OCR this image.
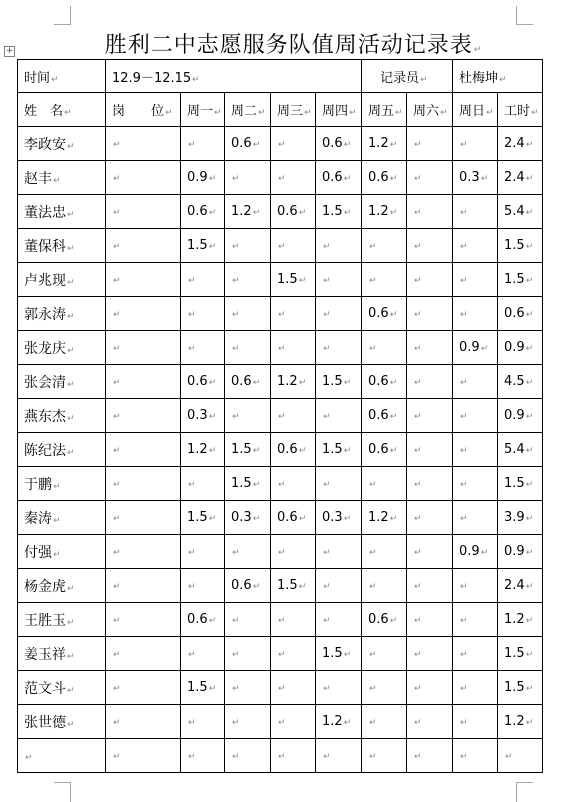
+	胜利二中志愿服务队值周活动记录表↵
时间↵	12.9－12.15↵					记录员↵		杜梅坤↵	
姓　名↵	岗　　位↵	周一↵	周二↵	周三↵	周四↵	周五↵	周六↵	周日↵	工时↵
李政安↵	↵	↵	0.6↵	↵	0.6↵	1.2↵	↵	↵	2.4↵
赵丰↵	↵	0.9↵	↵	↵	0.6↵	0.6↵	↵	0.3↵	2.4↵
董法忠↵	↵	0.6↵	1.2↵	0.6↵	1.5↵	1.2↵	↵	↵	5.4↵
董保科↵	↵	1.5↵	↵	↵	↵	↵	↵	↵	1.5↵
卢兆现↵	↵	↵	↵	1.5↵	↵	↵	↵	↵	1.5↵
郭永涛↵	↵	↵	↵	↵	↵	0.6↵	↵	↵	0.6↵
张龙庆↵	↵	↵	↵	↵	↵	↵	↵	0.9↵	0.9↵
张会清↵	↵	0.6↵	0.6↵	1.2↵	1.5↵	0.6↵	↵	↵	4.5↵
燕东杰↵	↵	0.3↵	↵	↵	↵	0.6↵	↵	↵	0.9↵
陈纪法↵	↵	1.2↵	1.5↵	0.6↵	1.5↵	0.6↵	↵	↵	5.4↵
于鹏↵	↵	↵	1.5↵	↵	↵	↵	↵	↵	1.5↵
秦涛↵	↵	1.5↵	0.3↵	0.6↵	0.3↵	1.2↵	↵	↵	3.9↵
付强↵	↵	↵	↵	↵	↵	↵	↵	0.9↵	0.9↵
杨金虎↵	↵	↵	0.6↵	1.5↵	↵	↵	↵	↵	2.4↵
王胜玉↵	↵	0.6↵	↵	↵	↵	0.6↵	↵	↵	1.2↵
姜玉祥↵	↵	↵	↵	↵	1.5↵	↵	↵	↵	1.5↵
范文斗↵	↵	1.5↵	↵	↵	↵	↵	↵	↵	1.5↵
张世德↵	↵	↵	↵	↵	1.2↵	↵	↵	↵	1.2↵
↵	↵	↵	↵	↵	↵	↵	↵	↵	↵
